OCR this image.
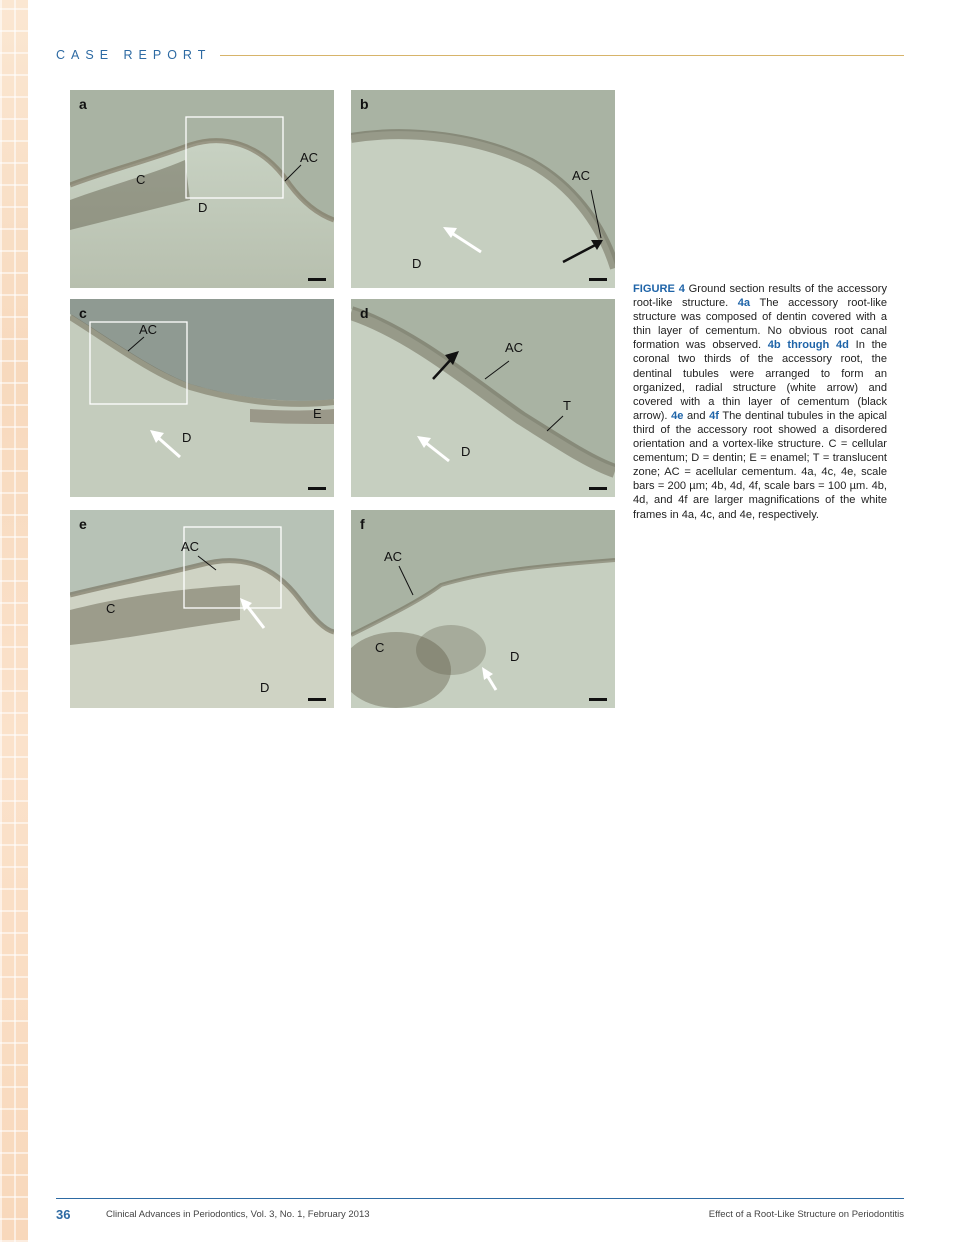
CASE REPORT
a
AC
C
D
b
AC
D
c
AC
E
D
d
AC
T
D
e
AC
C
D
f
AC
C
D
FIGURE 4 Ground section results of the accessory root-like structure. 4a The accessory root-like structure was composed of dentin covered with a thin layer of cementum. No obvious root canal formation was observed. 4b through 4d In the coronal two thirds of the accessory root, the dentinal tubules were arranged to form an organized, radial structure (white arrow) and covered with a thin layer of cementum (black arrow). 4e and 4f The dentinal tubules in the apical third of the accessory root showed a disordered orientation and a vortex-like structure. C = cellular cementum; D = dentin; E = enamel; T = translucent zone; AC = acellular cementum. 4a, 4c, 4e, scale bars = 200 µm; 4b, 4d, 4f, scale bars = 100 µm. 4b, 4d, and 4f are larger magnifications of the white frames in 4a, 4c, and 4e, respectively.
36	Clinical Advances in Periodontics, Vol. 3, No. 1, February 2013	Effect of a Root-Like Structure on Periodontitis
